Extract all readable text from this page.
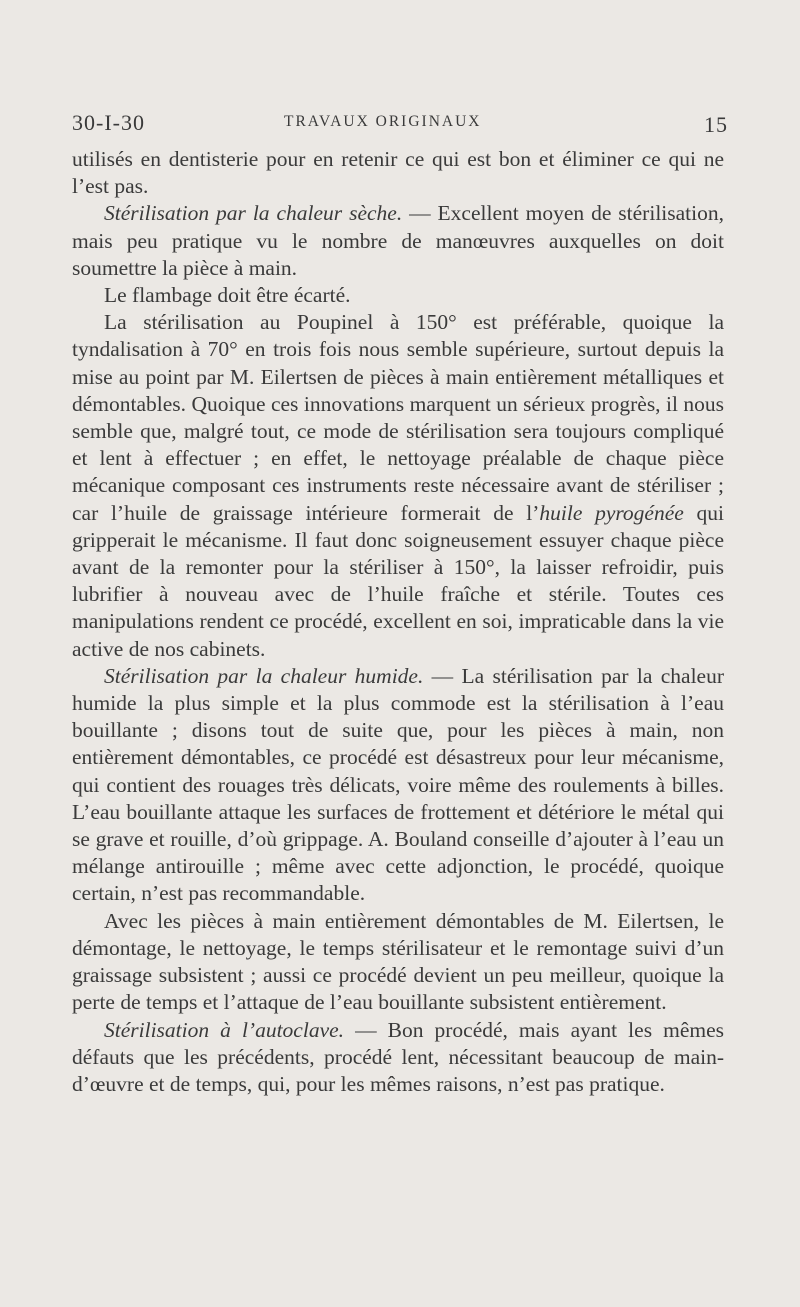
30-I-30	TRAVAUX ORIGINAUX	15

utilisés en dentisterie pour en retenir ce qui est bon et éliminer ce qui ne l’est pas.

Stérilisation par la chaleur sèche. — Excellent moyen de stérilisation, mais peu pratique vu le nombre de manœuvres auxquelles on doit soumettre la pièce à main.

Le flambage doit être écarté.

La stérilisation au Poupinel à 150° est préférable, quoique la tyndalisation à 70° en trois fois nous semble supérieure, surtout depuis la mise au point par M. Eilertsen de pièces à main entièrement métalliques et démontables. Quoique ces innovations marquent un sérieux progrès, il nous semble que, malgré tout, ce mode de stérilisation sera toujours compliqué et lent à effectuer ; en effet, le nettoyage préalable de chaque pièce mécanique composant ces instruments reste nécessaire avant de stériliser ; car l’huile de graissage intérieure formerait de l’huile pyrogénée qui gripperait le mécanisme. Il faut donc soigneusement essuyer chaque pièce avant de la remonter pour la stériliser à 150°, la laisser refroidir, puis lubrifier à nouveau avec de l’huile fraîche et stérile. Toutes ces manipulations rendent ce procédé, excellent en soi, impraticable dans la vie active de nos cabinets.

Stérilisation par la chaleur humide. — La stérilisation par la chaleur humide la plus simple et la plus commode est la stérilisation à l’eau bouillante ; disons tout de suite que, pour les pièces à main, non entièrement démontables, ce procédé est désastreux pour leur mécanisme, qui contient des rouages très délicats, voire même des roulements à billes. L’eau bouillante attaque les surfaces de frottement et détériore le métal qui se grave et rouille, d’où grippage. A. Bouland conseille d’ajouter à l’eau un mélange antirouille ; même avec cette adjonction, le procédé, quoique certain, n’est pas recommandable.

Avec les pièces à main entièrement démontables de M. Eilertsen, le démontage, le nettoyage, le temps stérilisateur et le remontage suivi d’un graissage subsistent ; aussi ce procédé devient un peu meilleur, quoique la perte de temps et l’attaque de l’eau bouillante subsistent entièrement.

Stérilisation à l’autoclave. — Bon procédé, mais ayant les mêmes défauts que les précédents, procédé lent, nécessitant beaucoup de main-d’œuvre et de temps, qui, pour les mêmes raisons, n’est pas pratique.
